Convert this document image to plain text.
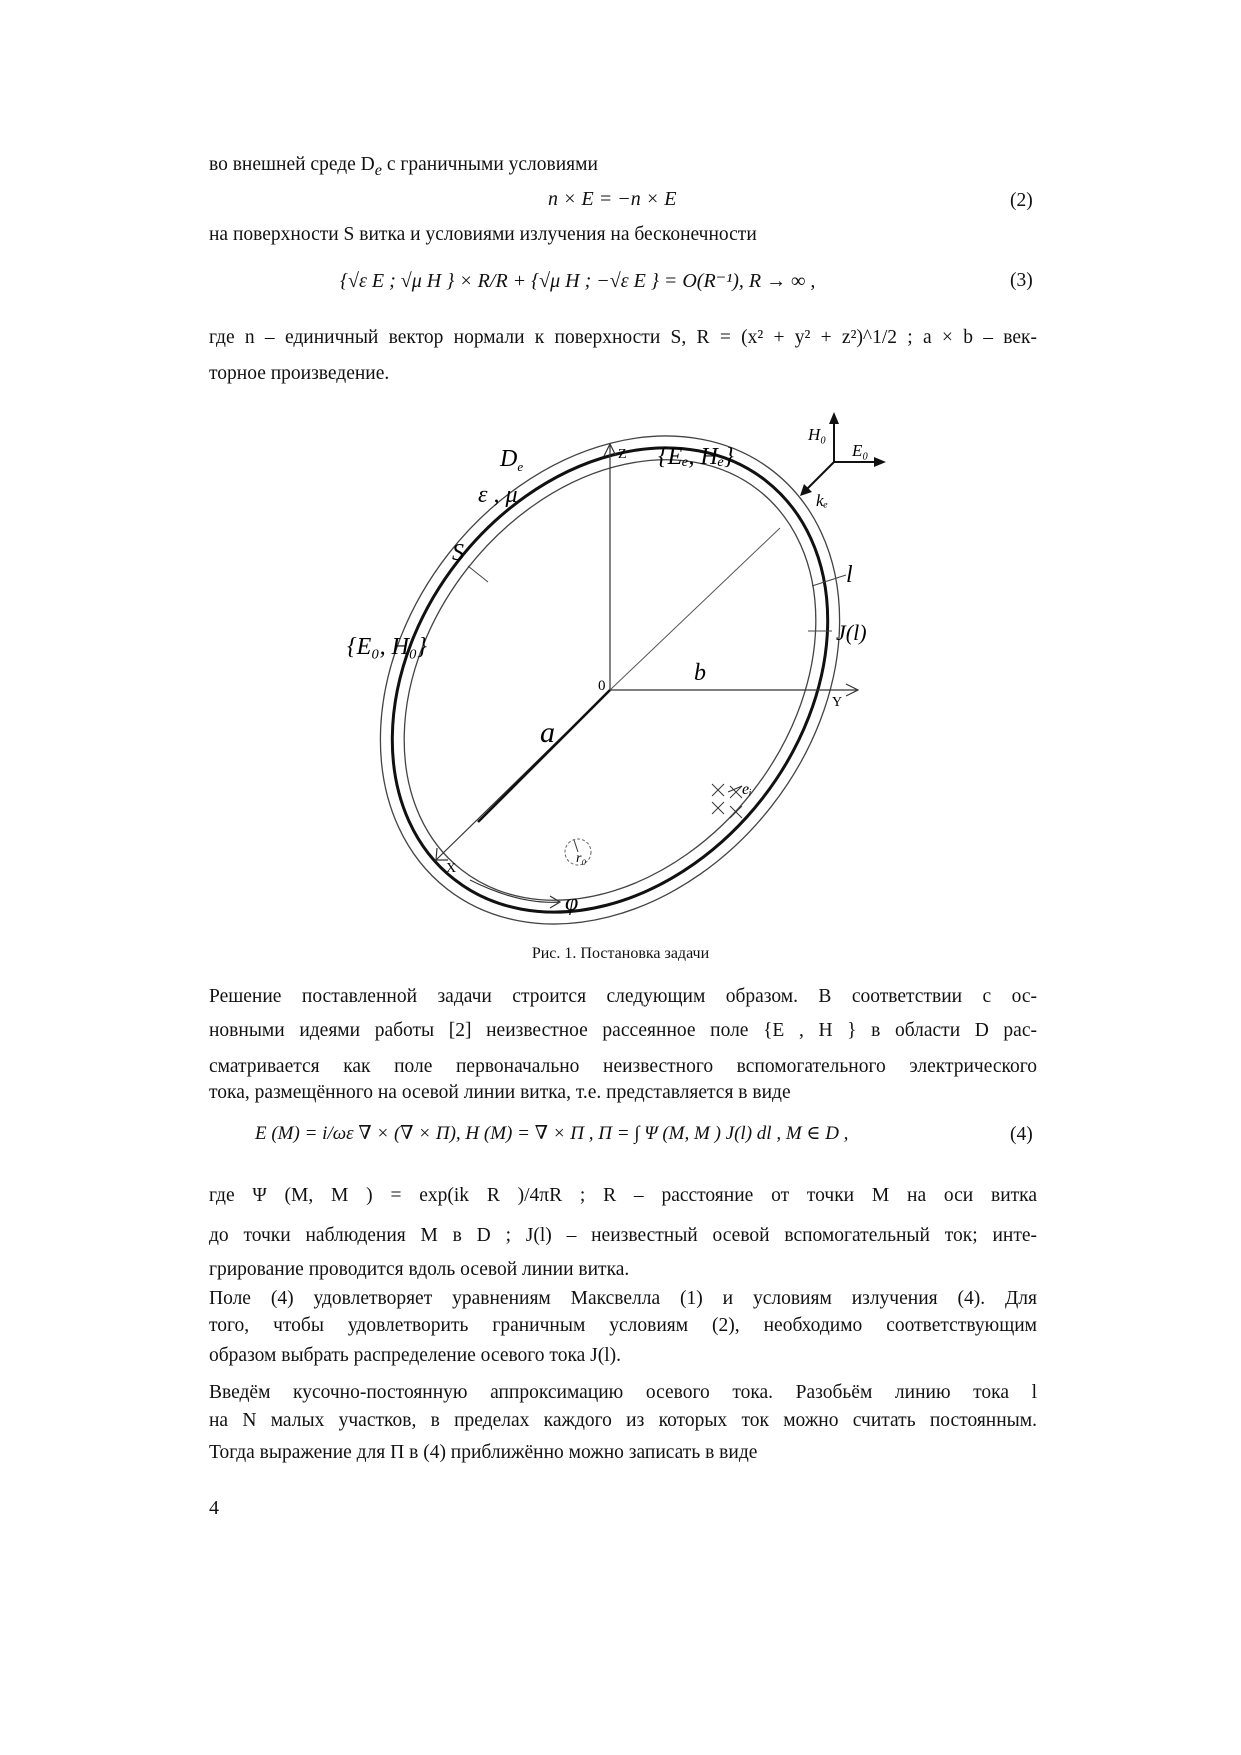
во внешней среде $D_e$ с граничными условиями
n × E = −n × E	(2)
на поверхности S витка и условиями излучения на бесконечности
{√ε E ; √μ H } × R/R + {√μ H ; −√ε E } = O(R⁻¹), R → ∞ ,	(3)
где n – единичный вектор нормали к поверхности S, R = (x² + y² + z²)^1/2 ; a × b – век-
торное произведение.
$D_e$
ε , μ
S
{E₀, H₀}
{Eₑ, Hₑ}
Z
Y
X
0
a
b
l
J(l)
H₀
E₀
kₑ
eᵢ
r₀
φ
Рис. 1. Постановка задачи
Решение поставленной задачи строится следующим образом. В соответствии с ос-
новными идеями работы [2] неизвестное рассеянное поле {E , H } в области D рас-
сматривается как поле первоначально неизвестного вспомогательного электрического
тока, размещённого на осевой линии витка, т.е. представляется в виде
E (M) = i/ωε ∇ × (∇ × Π), H (M) = ∇ × Π , Π = ∫ Ψ (M, M ) J(l) dl , M ∈ D ,	(4)
где Ψ (M, M ) = exp(ik R )/4πR ; R – расстояние от точки M на оси витка
до точки наблюдения M в D ; J(l) – неизвестный осевой вспомогательный ток; инте-
грирование проводится вдоль осевой линии витка.
Поле (4) удовлетворяет уравнениям Максвелла (1) и условиям излучения (4). Для
того, чтобы удовлетворить граничным условиям (2), необходимо соответствующим
образом выбрать распределение осевого тока J(l).
Введём кусочно-постоянную аппроксимацию осевого тока. Разобьём линию тока l
на N малых участков, в пределах каждого из которых ток можно считать постоянным.
Тогда выражение для Π в (4) приближённо можно записать в виде
4
